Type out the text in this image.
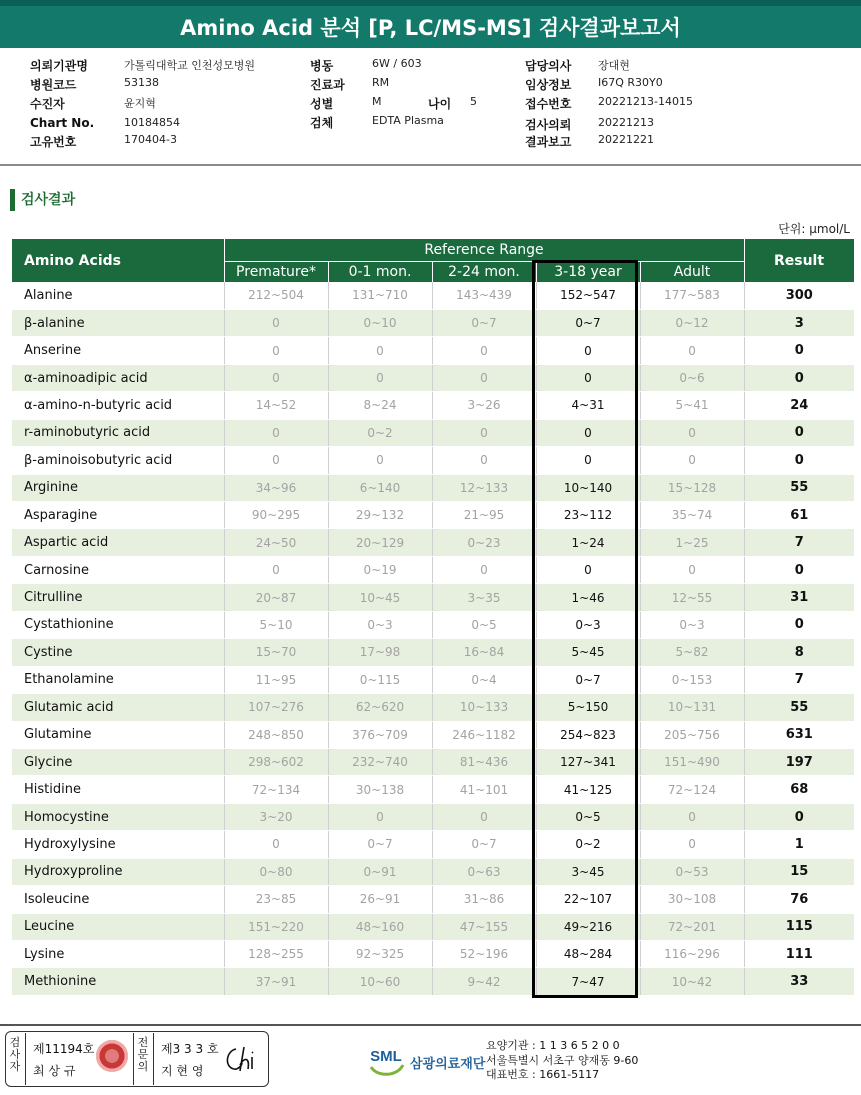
Amino Acid 분석 [P, LC/MS-MS] 검사결과보고서
의뢰기관명	가톨릭대학교 인천성모병원
병원코드	53138
수진자	윤지혁
Chart No.	10184854
고유번호	170404-3
병동	6W / 603
진료과 RM
성별	M	나이 5
검체	EDTA Plasma
담당의사 장대현
임상정보 I67Q R30Y0
접수번호 20221213-14015
검사의뢰 20221213
결과보고 20221221
검사결과
단위: μmol/L
Amino Acids	Reference Range					Result
	Premature*	0-1 mon.	2-24 mon.	3-18 year	Adult	
Alanine	212~504	131~710	143~439	152~547	177~583	300
β-alanine	0	0~10	0~7	0~7	0~12	3
Anserine	0	0	0	0	0	0
α-aminoadipic acid	0	0	0	0	0~6	0
α-amino-n-butyric acid	14~52	8~24	3~26	4~31	5~41	24
r-aminobutyric acid	0	0~2	0	0	0	0
β-aminoisobutyric acid	0	0	0	0	0	0
Arginine	34~96	6~140	12~133	10~140	15~128	55
Asparagine	90~295	29~132	21~95	23~112	35~74	61
Aspartic acid	24~50	20~129	0~23	1~24	1~25	7
Carnosine	0	0~19	0	0	0	0
Citrulline	20~87	10~45	3~35	1~46	12~55	31
Cystathionine	5~10	0~3	0~5	0~3	0~3	0
Cystine	15~70	17~98	16~84	5~45	5~82	8
Ethanolamine	11~95	0~115	0~4	0~7	0~153	7
Glutamic acid	107~276	62~620	10~133	5~150	10~131	55
Glutamine	248~850	376~709	246~1182	254~823	205~756	631
Glycine	298~602	232~740	81~436	127~341	151~490	197
Histidine	72~134	30~138	41~101	41~125	72~124	68
Homocystine	3~20	0	0	0~5	0	0
Hydroxylysine	0	0~7	0~7	0~2	0	1
Hydroxyproline	0~80	0~91	0~63	3~45	0~53	15
Isoleucine	23~85	26~91	31~86	22~107	30~108	76
Leucine	151~220	48~160	47~155	49~216	72~201	115
Lysine	128~255	92~325	52~196	48~284	116~296	111
Methionine	37~91	10~60	9~42	7~47	10~42	33
검
사
자
제11194호
최 상 규
전
문
의
제3 3 3 호
지 현 영
SML 삼광의료재단
요양기관 : 1 1 3 6 5 2 0 0
서울특별시 서초구 양재동 9-60
대표번호 : 1661-5117
